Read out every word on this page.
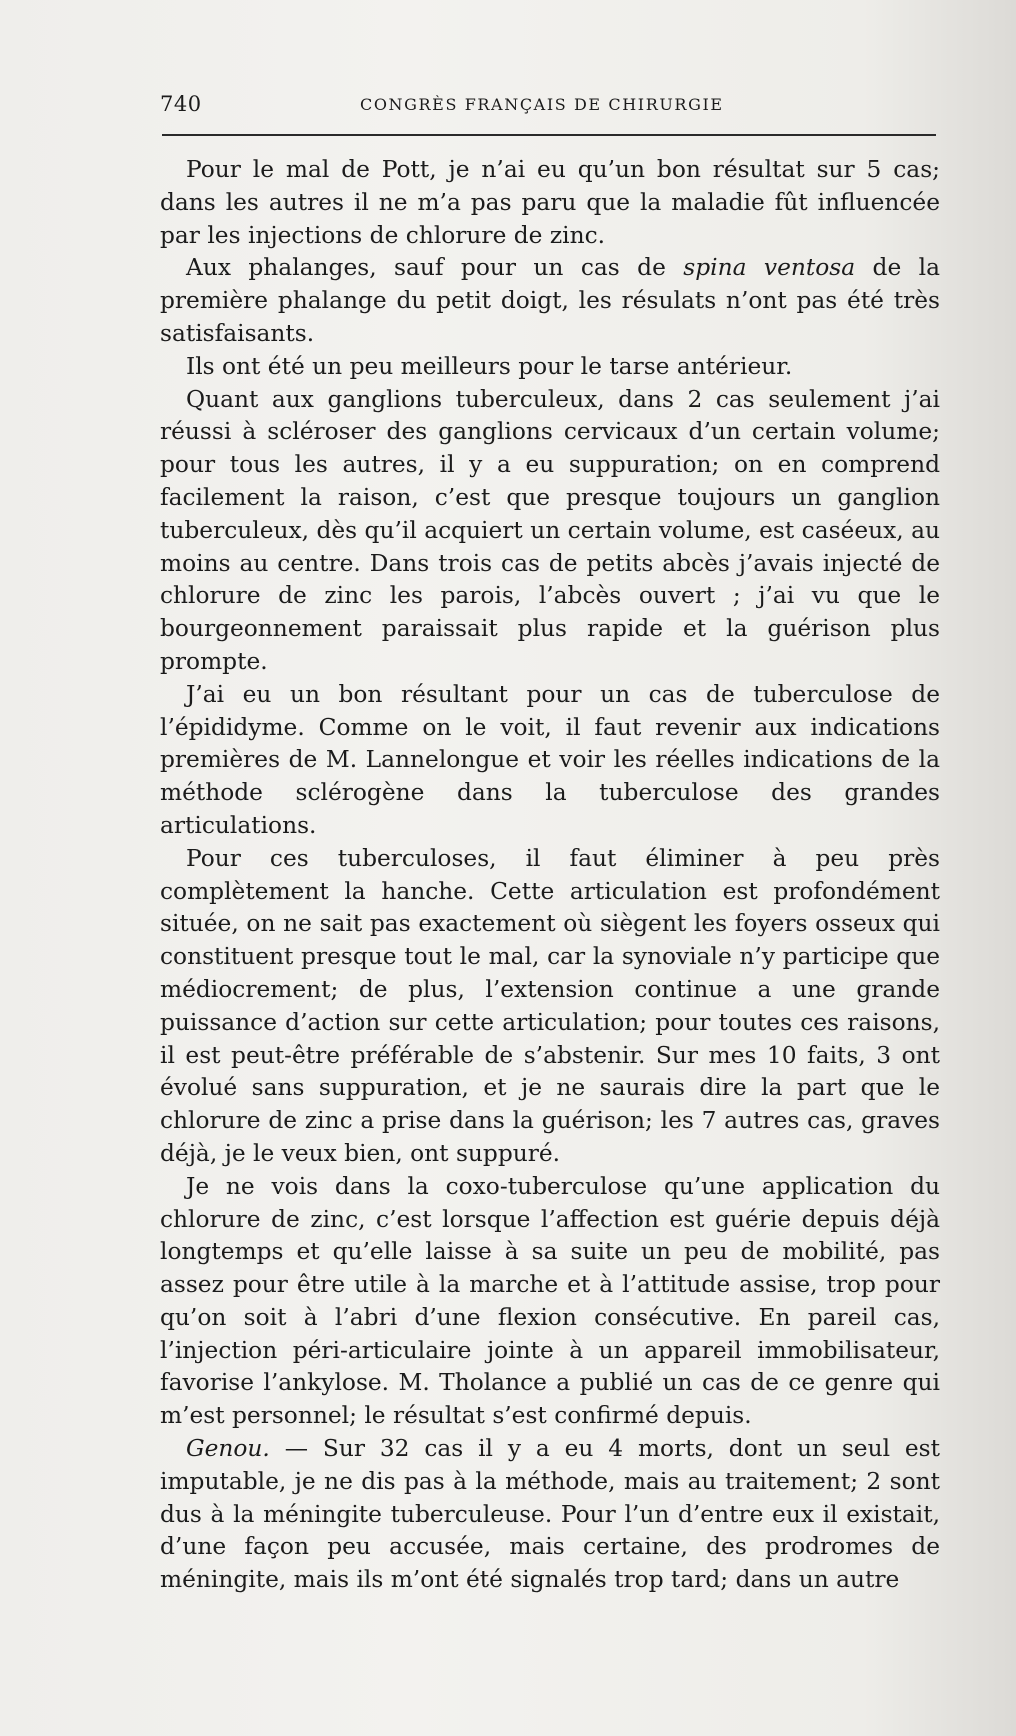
740	CONGRÈS FRANÇAIS DE CHIRURGIE

Pour le mal de Pott, je n’ai eu qu’un bon résultat sur 5 cas; dans les autres il ne m’a pas paru que la maladie fût influencée par les injections de chlorure de zinc.

Aux phalanges, sauf pour un cas de spina ventosa de la première phalange du petit doigt, les résulats n’ont pas été très satisfaisants.

Ils ont été un peu meilleurs pour le tarse antérieur.

Quant aux ganglions tuberculeux, dans 2 cas seulement j’ai réussi à scléroser des ganglions cervicaux d’un certain volume; pour tous les autres, il y a eu suppuration; on en comprend facilement la raison, c’est que presque toujours un ganglion tuberculeux, dès qu’il acquiert un certain volume, est caséeux, au moins au centre. Dans trois cas de petits abcès j’avais injecté de chlorure de zinc les parois, l’abcès ouvert ; j’ai vu que le bourgeonnement paraissait plus rapide et la guérison plus prompte.

J’ai eu un bon résultant pour un cas de tuberculose de l’épididyme. Comme on le voit, il faut revenir aux indications premières de M. Lannelongue et voir les réelles indications de la méthode sclérogène dans la tuberculose des grandes articulations.

Pour ces tuberculoses, il faut éliminer à peu près complètement la hanche. Cette articulation est profondément située, on ne sait pas exactement où siègent les foyers osseux qui constituent presque tout le mal, car la synoviale n’y participe que médiocrement; de plus, l’extension continue a une grande puissance d’action sur cette articulation; pour toutes ces raisons, il est peut-être préférable de s’abstenir. Sur mes 10 faits, 3 ont évolué sans suppuration, et je ne saurais dire la part que le chlorure de zinc a prise dans la guérison; les 7 autres cas, graves déjà, je le veux bien, ont suppuré.

Je ne vois dans la coxo-tuberculose qu’une application du chlorure de zinc, c’est lorsque l’affection est guérie depuis déjà longtemps et qu’elle laisse à sa suite un peu de mobilité, pas assez pour être utile à la marche et à l’attitude assise, trop pour qu’on soit à l’abri d’une flexion consécutive. En pareil cas, l’injection péri-articulaire jointe à un appareil immobilisateur, favorise l’ankylose. M. Tholance a publié un cas de ce genre qui m’est personnel; le résultat s’est confirmé depuis.

Genou. — Sur 32 cas il y a eu 4 morts, dont un seul est imputable, je ne dis pas à la méthode, mais au traitement; 2 sont dus à la méningite tuberculeuse. Pour l’un d’entre eux il existait, d’une façon peu accusée, mais certaine, des prodromes de méningite, mais ils m’ont été signalés trop tard; dans un autre
